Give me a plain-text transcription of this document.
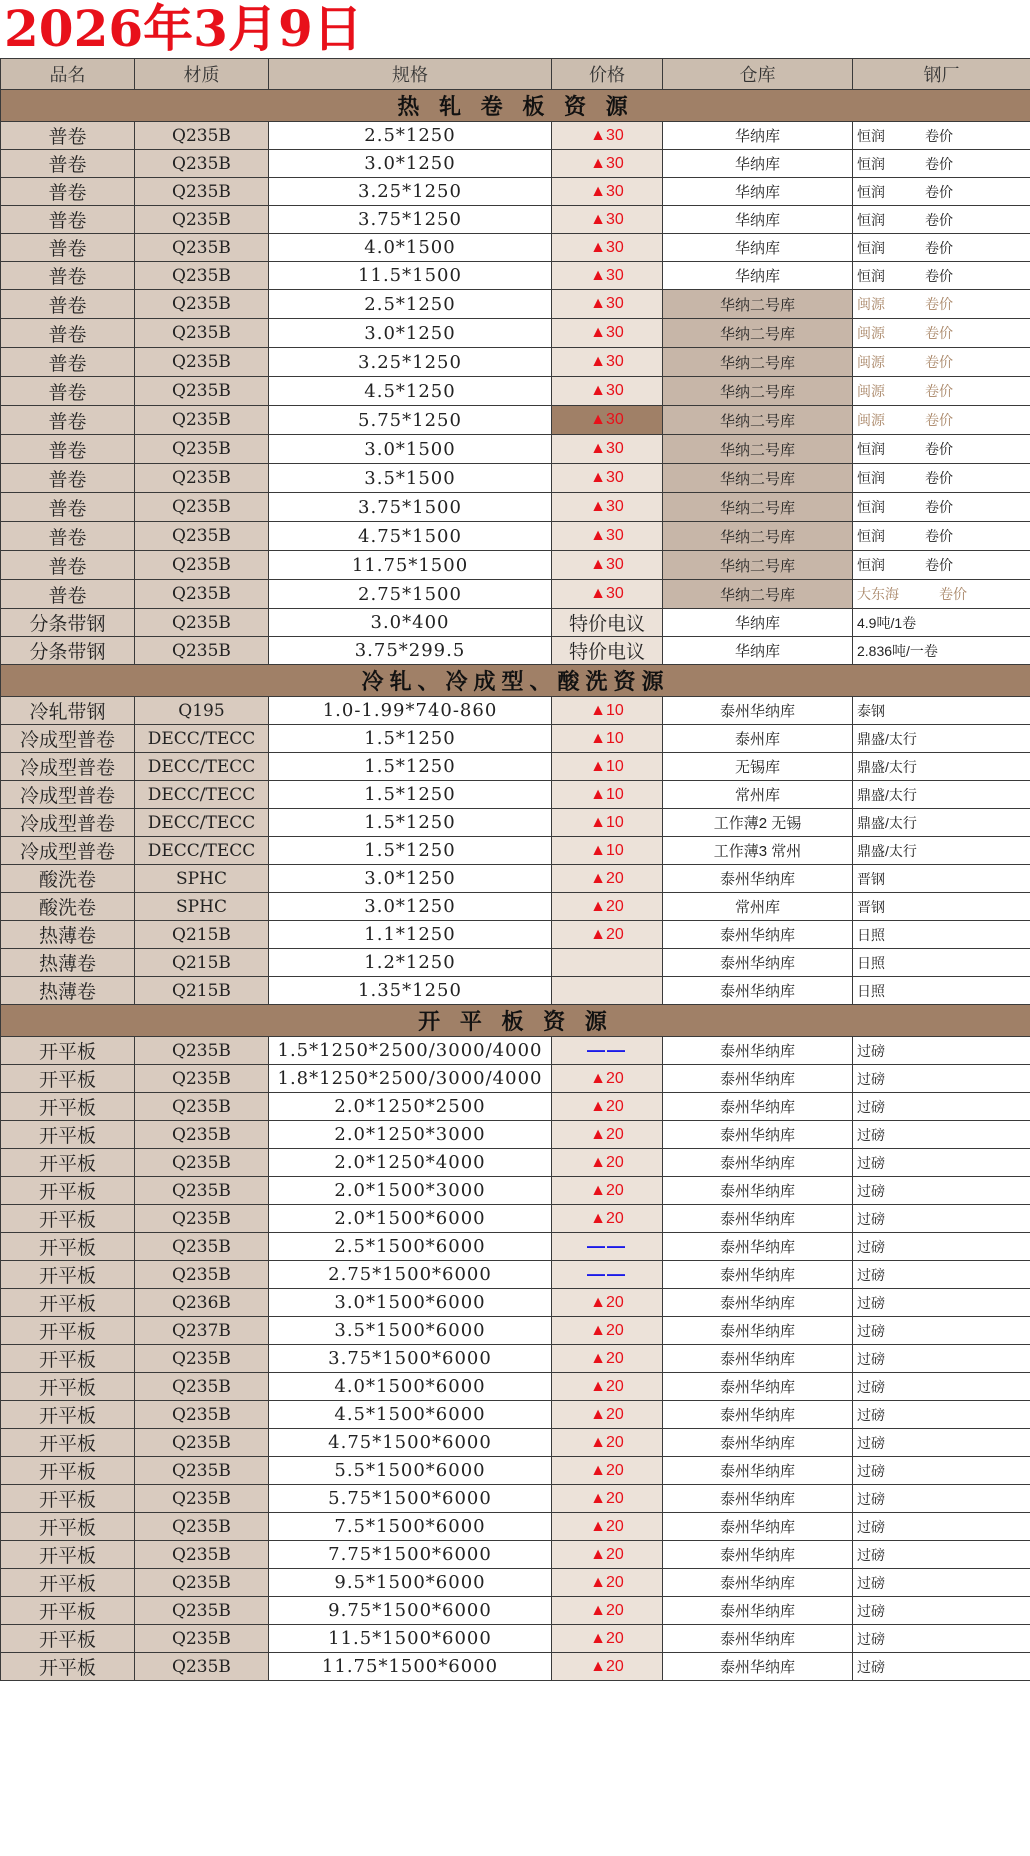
2026年3月9日
品名	材质	规格	价格	仓库	钢厂
热 轧 卷 板 资 源					
普卷	Q235B	2.5*1250	▲30	华纳库	恒润 卷价
普卷	Q235B	3.0*1250	▲30	华纳库	恒润 卷价
普卷	Q235B	3.25*1250	▲30	华纳库	恒润 卷价
普卷	Q235B	3.75*1250	▲30	华纳库	恒润 卷价
普卷	Q235B	4.0*1500	▲30	华纳库	恒润 卷价
普卷	Q235B	11.5*1500	▲30	华纳库	恒润 卷价
普卷	Q235B	2.5*1250	▲30	华纳二号库	闽源 卷价
普卷	Q235B	3.0*1250	▲30	华纳二号库	闽源 卷价
普卷	Q235B	3.25*1250	▲30	华纳二号库	闽源 卷价
普卷	Q235B	4.5*1250	▲30	华纳二号库	闽源 卷价
普卷	Q235B	5.75*1250	▲30	华纳二号库	闽源 卷价
普卷	Q235B	3.0*1500	▲30	华纳二号库	恒润 卷价
普卷	Q235B	3.5*1500	▲30	华纳二号库	恒润 卷价
普卷	Q235B	3.75*1500	▲30	华纳二号库	恒润 卷价
普卷	Q235B	4.75*1500	▲30	华纳二号库	恒润 卷价
普卷	Q235B	11.75*1500	▲30	华纳二号库	恒润 卷价
普卷	Q235B	2.75*1500	▲30	华纳二号库	大东海 卷价
分条带钢	Q235B	3.0*400	特价电议	华纳库	4.9吨/1卷
分条带钢	Q235B	3.75*299.5	特价电议	华纳库	2.836吨/一卷
冷轧、冷成型、酸洗资源					
冷轧带钢	Q195	1.0-1.99*740-860	▲10	泰州华纳库	泰钢
冷成型普卷	DECC/TECC	1.5*1250	▲10	泰州库	鼎盛/太行
冷成型普卷	DECC/TECC	1.5*1250	▲10	无锡库	鼎盛/太行
冷成型普卷	DECC/TECC	1.5*1250	▲10	常州库	鼎盛/太行
冷成型普卷	DECC/TECC	1.5*1250	▲10	工作薄2 无锡	鼎盛/太行
冷成型普卷	DECC/TECC	1.5*1250	▲10	工作薄3 常州	鼎盛/太行
酸洗卷	SPHC	3.0*1250	▲20	泰州华纳库	晋钢
酸洗卷	SPHC	3.0*1250	▲20	常州库	晋钢
热薄卷	Q215B	1.1*1250	▲20	泰州华纳库	日照
热薄卷	Q215B	1.2*1250		泰州华纳库	日照
热薄卷	Q215B	1.35*1250		泰州华纳库	日照
开 平 板 资 源					
开平板	Q235B	1.5*1250*2500/3000/4000	——	泰州华纳库	过磅
开平板	Q235B	1.8*1250*2500/3000/4000	▲20	泰州华纳库	过磅
开平板	Q235B	2.0*1250*2500	▲20	泰州华纳库	过磅
开平板	Q235B	2.0*1250*3000	▲20	泰州华纳库	过磅
开平板	Q235B	2.0*1250*4000	▲20	泰州华纳库	过磅
开平板	Q235B	2.0*1500*3000	▲20	泰州华纳库	过磅
开平板	Q235B	2.0*1500*6000	▲20	泰州华纳库	过磅
开平板	Q235B	2.5*1500*6000	——	泰州华纳库	过磅
开平板	Q235B	2.75*1500*6000	——	泰州华纳库	过磅
开平板	Q236B	3.0*1500*6000	▲20	泰州华纳库	过磅
开平板	Q237B	3.5*1500*6000	▲20	泰州华纳库	过磅
开平板	Q235B	3.75*1500*6000	▲20	泰州华纳库	过磅
开平板	Q235B	4.0*1500*6000	▲20	泰州华纳库	过磅
开平板	Q235B	4.5*1500*6000	▲20	泰州华纳库	过磅
开平板	Q235B	4.75*1500*6000	▲20	泰州华纳库	过磅
开平板	Q235B	5.5*1500*6000	▲20	泰州华纳库	过磅
开平板	Q235B	5.75*1500*6000	▲20	泰州华纳库	过磅
开平板	Q235B	7.5*1500*6000	▲20	泰州华纳库	过磅
开平板	Q235B	7.75*1500*6000	▲20	泰州华纳库	过磅
开平板	Q235B	9.5*1500*6000	▲20	泰州华纳库	过磅
开平板	Q235B	9.75*1500*6000	▲20	泰州华纳库	过磅
开平板	Q235B	11.5*1500*6000	▲20	泰州华纳库	过磅
开平板	Q235B	11.75*1500*6000	▲20	泰州华纳库	过磅
